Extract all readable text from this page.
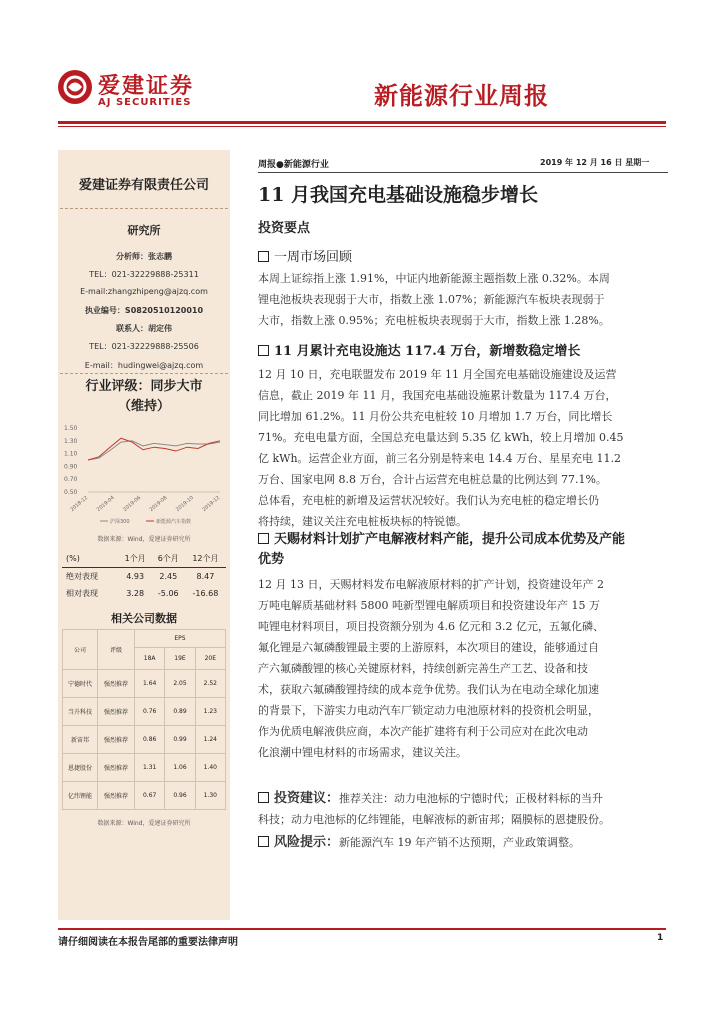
爱建证券
AJ SECURITIES	新能源行业周报
爱建证券有限责任公司
研究所
分析师：张志鹏
TEL：021-32229888-25311
E-mail:zhangzhipeng@ajzq.com
执业编号：S0820510120010
联系人：胡定伟
TEL：021-32229888-25506
E-mail：hudingwei@ajzq.com
行业评级：同步大市
（维持）
0.50
0.70
0.90
1.10
1.30
1.50
2018-12 2019-04 2019-06 2019-08 2019-10 2019-12
沪深300	新能源汽车指数
数据来源：Wind，爱建证券研究所
(%)	1个月	6个月	12个月
绝对表现	4.93	2.45	8.47
相对表现	3.28	-5.06	-16.68
相关公司数据
公司	评级	EPS		
		18A	19E	20E
宁德时代	强烈推荐	1.64	2.05	2.52
当升科技	强烈推荐	0.76	0.89	1.23
新宙邦	强烈推荐	0.86	0.99	1.24
恩捷股份	强烈推荐	1.31	1.06	1.40
亿纬锂能	强烈推荐	0.67	0.96	1.30
数据来源：Wind，爱建证券研究所
周报●新能源行业	2019 年 12 月 16 日 星期一
11 月我国充电基础设施稳步增长
投资要点
一周市场回顾
本周上证综指上涨 1.91%，中证内地新能源主题指数上涨 0.32%。本周
锂电池板块表现弱于大市，指数上涨 1.07%；新能源汽车板块表现弱于
大市，指数上涨 0.95%；充电桩板块表现弱于大市，指数上涨 1.28%。
11 月累计充电设施达 117.4 万台，新增数稳定增长
12 月 10 日，充电联盟发布 2019 年 11 月全国充电基础设施建设及运营
信息，截止 2019 年 11 月，我国充电基础设施累计数量为 117.4 万台，
同比增加 61.2%。11 月份公共充电桩较 10 月增加 1.7 万台，同比增长
71%。充电电量方面，全国总充电量达到 5.35 亿 kWh，较上月增加 0.45
亿 kWh。运营企业方面，前三名分别是特来电 14.4 万台、星星充电 11.2
万台、国家电网 8.8 万台，合计占运营充电桩总量的比例达到 77.1%。
总体看，充电桩的新增及运营状况较好。我们认为充电桩的稳定增长仍
将持续，建议关注充电桩板块标的特锐德。
天赐材料计划扩产电解液材料产能，提升公司成本优势及产能
优势
12 月 13 日，天赐材料发布电解液原材料的扩产计划，投资建设年产 2
万吨电解质基础材料 5800 吨新型锂电解质项目和投资建设年产 15 万
吨锂电材料项目，项目投资额分别为 4.6 亿元和 3.2 亿元，五氟化磷、
氟化锂是六氟磷酸锂最主要的上游原料，本次项目的建设，能够通过自
产六氟磷酸锂的核心关键原材料，持续创新完善生产工艺、设备和技
术，获取六氟磷酸锂持续的成本竞争优势。我们认为在电动全球化加速
的背景下，下游实力电动汽车厂锁定动力电池原材料的投资机会明显，
作为优质电解液供应商，本次产能扩建将有利于公司应对在此次电动
化浪潮中锂电材料的市场需求，建议关注。
投资建议：推荐关注：动力电池标的宁德时代；正极材料标的当升
科技；动力电池标的亿纬锂能，电解液标的新宙邦；隔膜标的恩捷股份。
风险提示：新能源汽车 19 年产销不达预期，产业政策调整。
请仔细阅读在本报告尾部的重要法律声明	1
